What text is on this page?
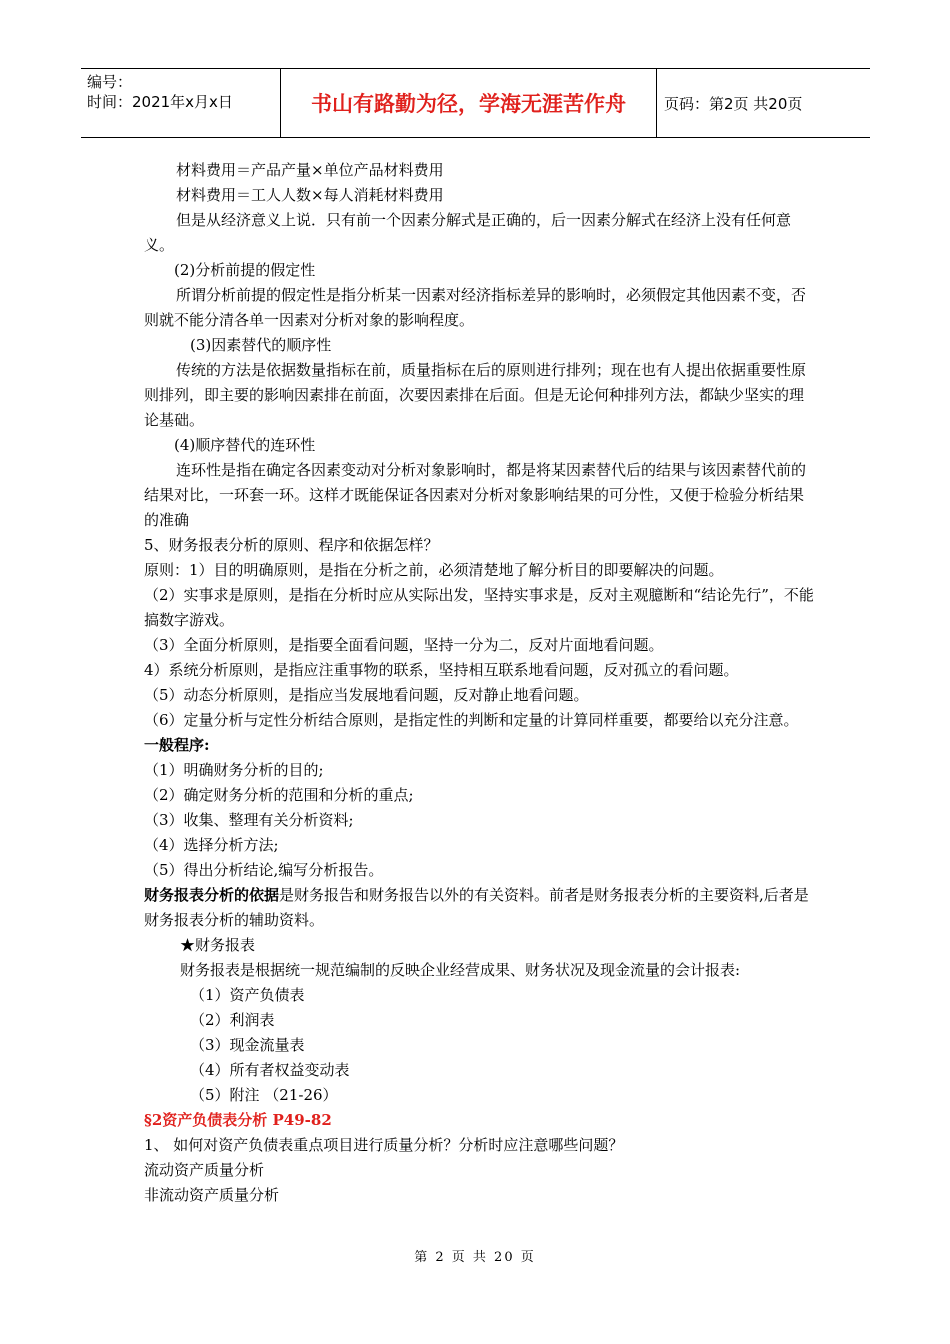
编号：
时间：2021年x月x日	书山有路勤为径，学海无涯苦作舟	页码：第2页 共20页

材料费用＝产品产量×单位产品材料费用

材料费用＝工人人数×每人消耗材料费用

但是从经济意义上说．只有前一个因素分解式是正确的，后一因素分解式在经济上没有任何意义。

(2)分析前提的假定性

所谓分析前提的假定性是指分析某一因素对经济指标差异的影响时，必须假定其他因素不变，否则就不能分清各单一因素对分析对象的影响程度。

(3)因素替代的顺序性

传统的方法是依据数量指标在前，质量指标在后的原则进行排列；现在也有人提出依据重要性原则排列，即主要的影响因素排在前面，次要因素排在后面。但是无论何种排列方法，都缺少坚实的理论基础。

(4)顺序替代的连环性

连环性是指在确定各因素变动对分析对象影响时，都是将某因素替代后的结果与该因素替代前的结果对比，一环套一环。这样才既能保证各因素对分析对象影响结果的可分性，又便于检验分析结果的准确

5、财务报表分析的原则、程序和依据怎样？

原则：1）目的明确原则，是指在分析之前，必须清楚地了解分析目的即要解决的问题。

（2）实事求是原则，是指在分析时应从实际出发，坚持实事求是，反对主观臆断和“结论先行”，不能搞数字游戏。

（3）全面分析原则，是指要全面看问题，坚持一分为二，反对片面地看问题。

4）系统分析原则，是指应注重事物的联系，坚持相互联系地看问题，反对孤立的看问题。

（5）动态分析原则，是指应当发展地看问题，反对静止地看问题。

（6）定量分析与定性分析结合原则，是指定性的判断和定量的计算同样重要，都要给以充分注意。

一般程序:

（1）明确财务分析的目的;

（2）确定财务分析的范围和分析的重点;

（3）收集、整理有关分析资料;

（4）选择分析方法;

（5）得出分析结论,编写分析报告。

财务报表分析的依据是财务报告和财务报告以外的有关资料。前者是财务报表分析的主要资料,后者是财务报表分析的辅助资料。

★财务报表

财务报表是根据统一规范编制的反映企业经营成果、财务状况及现金流量的会计报表:

（1）资产负债表

（2）利润表

（3）现金流量表

（4）所有者权益变动表

（5）附注 （21-26）

§2资产负债表分析 P49-82

1、 如何对资产负债表重点项目进行质量分析？分析时应注意哪些问题？

流动资产质量分析

非流动资产质量分析

第 2 页 共 20 页
